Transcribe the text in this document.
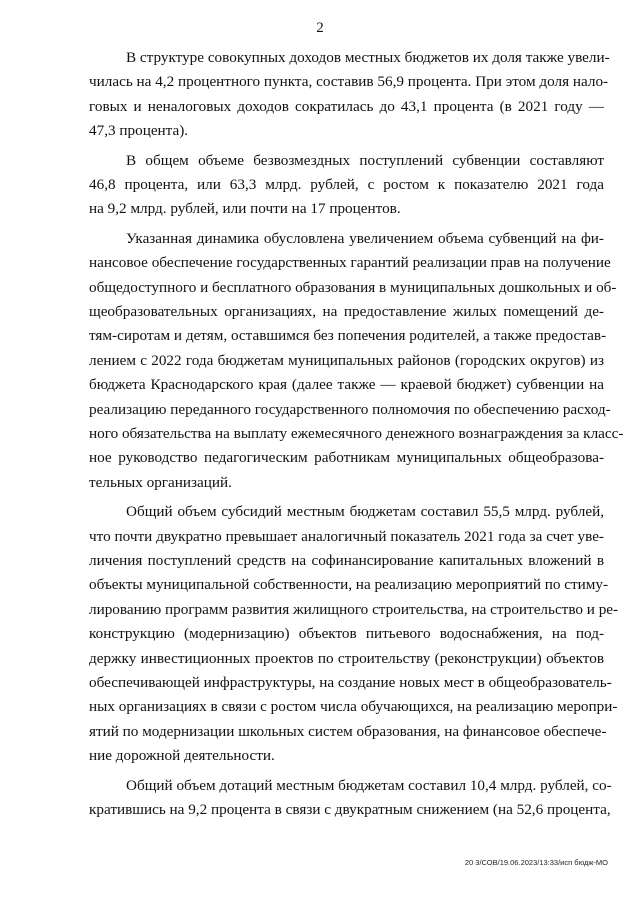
2
В структуре совокупных доходов местных бюджетов их доля также увели-
чилась на 4,2 процентного пункта, составив 56,9 процента. При этом доля нало-
говых и неналоговых доходов сократилась до 43,1 процента (в 2021 году —
47,3 процента).
В общем объеме безвозмездных поступлений субвенции составляют
46,8 процента, или 63,3 млрд. рублей, с ростом к показателю 2021 года
на 9,2 млрд. рублей, или почти на 17 процентов.
Указанная динамика обусловлена увеличением объема субвенций на фи-
нансовое обеспечение государственных гарантий реализации прав на получение
общедоступного и бесплатного образования в муниципальных дошкольных и об-
щеобразовательных организациях, на предоставление жилых помещений де-
тям-сиротам и детям, оставшимся без попечения родителей, а также предостав-
лением с 2022 года бюджетам муниципальных районов (городских округов) из
бюджета Краснодарского края (далее также — краевой бюджет) субвенции на
реализацию переданного государственного полномочия по обеспечению расход-
ного обязательства на выплату ежемесячного денежного вознаграждения за класс-
ное руководство педагогическим работникам муниципальных общеобразова-
тельных организаций.
Общий объем субсидий местным бюджетам составил 55,5 млрд. рублей,
что почти двукратно превышает аналогичный показатель 2021 года за счет уве-
личения поступлений средств на софинансирование капитальных вложений в
объекты муниципальной собственности, на реализацию мероприятий по стиму-
лированию программ развития жилищного строительства, на строительство и ре-
конструкцию (модернизацию) объектов питьевого водоснабжения, на под-
держку инвестиционных проектов по строительству (реконструкции) объектов
обеспечивающей инфраструктуры, на создание новых мест в общеобразователь-
ных организациях в связи с ростом числа обучающихся, на реализацию меропри-
ятий по модернизации школьных систем образования, на финансовое обеспече-
ние дорожной деятельности.
Общий объем дотаций местным бюджетам составил 10,4 млрд. рублей, со-
кратившись на 9,2 процента в связи с двукратным снижением (на 52,6 процента,
20 3/СОВ/19.06.2023/13:33/исп бюдж-МО
